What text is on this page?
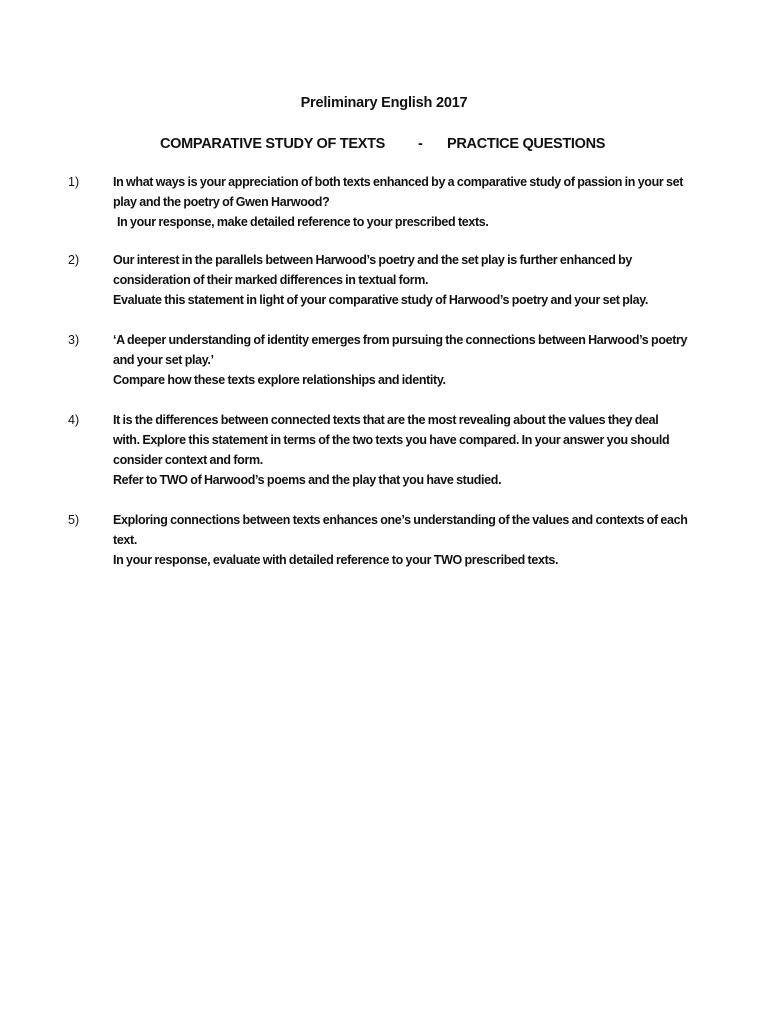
Preliminary English 2017
COMPARATIVE STUDY OF TEXTS - PRACTICE QUESTIONS
1)	In what ways is your appreciation of both texts enhanced by a comparative study of passion in your set
play and the poetry of Gwen Harwood?
In your response, make detailed reference to your prescribed texts.
2)	Our interest in the parallels between Harwood’s poetry and the set play is further enhanced by
consideration of their marked differences in textual form.
Evaluate this statement in light of your comparative study of Harwood’s poetry and your set play.
3)	‘A deeper understanding of identity emerges from pursuing the connections between Harwood’s poetry
and your set play.’
Compare how these texts explore relationships and identity.
4)	It is the differences between connected texts that are the most revealing about the values they deal
with. Explore this statement in terms of the two texts you have compared. In your answer you should
consider context and form.
Refer to TWO of Harwood’s poems and the play that you have studied.
5)	Exploring connections between texts enhances one’s understanding of the values and contexts of each
text.
In your response, evaluate with detailed reference to your TWO prescribed texts.
